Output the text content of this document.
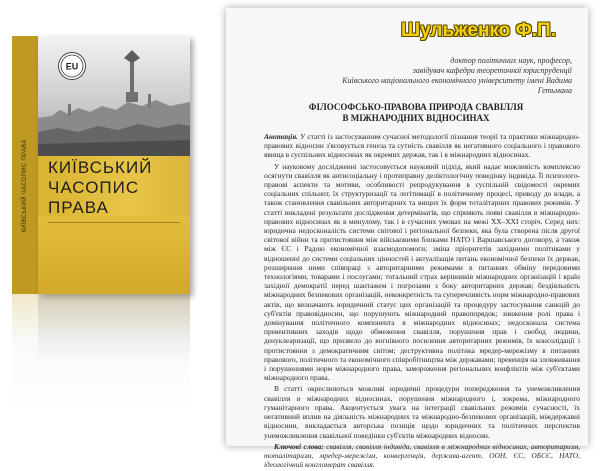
КИЇВСЬКИЙ ЧАСОПИС ПРАВА
EU
КИЇВСЬКИЙ
ЧАСОПИС ПРАВА
Шульженко Ф.П.
доктор політичних наук, професор,
завідувач кафедри теоретичної юриспруденції
Київського національного економічного університету імені Вадима Гетьмана
ФІЛОСОФСЬКО-ПРАВОВА ПРИРОДА СВАВІЛЛЯ
В МІЖНАРОДНИХ ВІДНОСИНАХ

Анотація. У статті із застосуванням сучасної методології пізнання теорії та практики міжнародно-правових відносин з'ясовується генеза та сутність свавілля як негативного соціального і правового явища в суспільних відносинах як окремих держав, так і в міжнародних відносинах.

У науковому дослідженні застосовується науковий підхід, який надає можливість комплексно осягнути свавілля як антисоціальну і протиправну деліктологічну поведінку індивіда. Її психолого-правові аспекти та мотиви, особливості репродукування в суспільній свідомості окремих соціальних спільнот, їх структуризації та легітимації в політичному процесі, приводу до влади, а також становлення свавільних авторитарних та вищих їх форм тоталітарних правових режимів. У статті викладені результати дослідження детермінатів, що сприяють появі свавілля в міжнародно-правових відносинах як в минулому, так і в сучасних умовах на межі XX–XXI сторіч. Серед них: юридична недосконалість системи світової і регіональної безпеки, яка була створена після другої світової війни та протистояння між військовими блоками НАТО і Варшавського договору, а також між ЄС і Радою економічної взаємодопомоги; зміна пріоритетів західними політиками у відношенні до системи соціальних цінностей і актуалізація питань економічної безпеки їх держав, розширення ними співпраці з авторитарними режимами в питаннях обміну передовими технологіями, товарами і послугами; тотальний страх керівників міжнародних організацій і країн західної демократії перед шантажем і погрозами з боку авторитарних держав; бездіяльність міжнародних безпекових організацій, неконкретність та суперечливість норм міжнародно-правових актів, що визначають юридичний статус цих організацій та процедуру застосування санкцій до суб'єктів правовідносин, що порушують міжнародний правопорядок; зниження ролі права і домінування політичного компонента в міжнародних відносинах; недосконала система превентивних заходів щодо обмеження свавілля, порушення прав і свобод людини, денуклеаризації, що призвело до вогнівного посилення авторитарних режимів, їх консолідації і протистояння з демократичним світом; деструктивна політика мредер-мережізму в питаннях правового, політичного та економічного співробітництва між державами; превенція на зловживання і порушеннями норм міжнародного права, замороження регіональних конфліктів між суб'єктами міжнародного права.

В статті окреслюються можливі юридичні процедури попередження та унеможливлення свавілля в міжнародних відносинах, порушення міжнародного і, зокрема, міжнародного гуманітарного права. Акцентується увага на інтеграції свавільних режимів сучасності, їх негативний вплив на діяльність міжнародних та міжнародно-безпекових організацій, міждержавні відносини, викладається авторська позиція щодо юридичних та політичних перспектив унеможливлення свавільної поведінки суб'єктів міжнародних відносин.

Ключові слова: свавілля, свавілля індивіда, свавілля в міжнародних відносинах, авторитаризм, тоталітаризм, мредер-мережізм, конвергенція, держава-агент, ООН, ЄС, ОБСЄ, НАТО, ідеологічний конгломерат свавілля.
